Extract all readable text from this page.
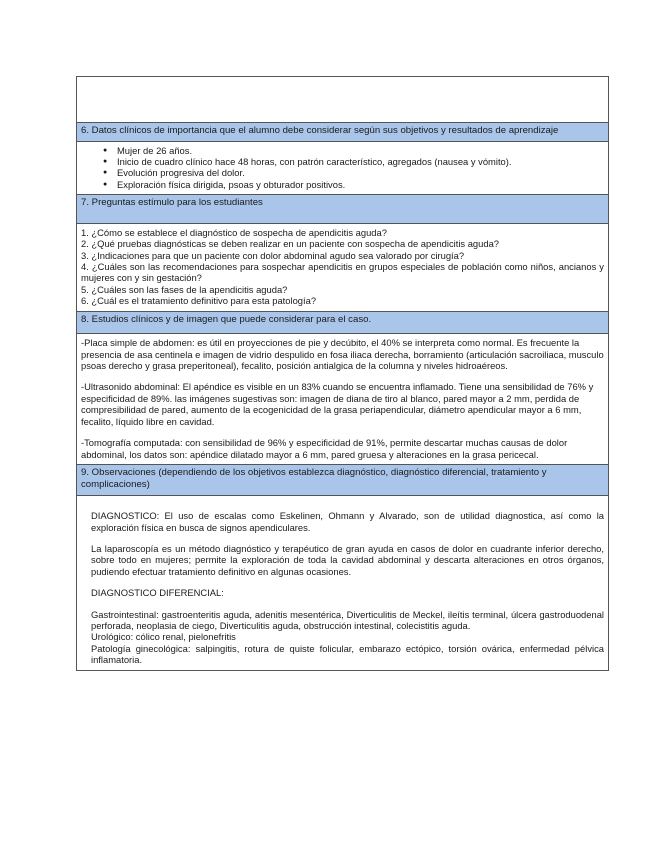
6. Datos clínicos de importancia que el alumno debe considerar según sus objetivos y resultados de aprendizaje
● Mujer de 26 años.
● Inicio de cuadro clínico hace 48 horas, con patrón característico, agregados (nausea y vómito).
● Evolución progresiva del dolor.
● Exploración física dirigida, psoas y obturador positivos.
7. Preguntas estímulo para los estudiantes

1. ¿Cómo se establece el diagnóstico de sospecha de apendicitis aguda?

2. ¿Qué pruebas diagnósticas se deben realizar en un paciente con sospecha de apendicitis aguda?

3. ¿Indicaciones para que un paciente con dolor abdominal agudo sea valorado por cirugía?

4. ¿Cuáles son las recomendaciones para sospechar apendicitis en grupos especiales de población como niños, ancianos y mujeres con y sin gestación?

5. ¿Cuáles son las fases de la apendicitis aguda?

6. ¿Cuál es el tratamiento definitivo para esta patología?

8. Estudios clínicos y de imagen que puede considerar para el caso.

-Placa simple de abdomen: es útil en proyecciones de pie y decúbito, el 40% se interpreta como normal. Es frecuente la presencia de asa centinela e imagen de vidrio despulido en fosa iliaca derecha, borramiento (articulación sacroiliaca, musculo psoas derecho y grasa preperitoneal), fecalito, posición antialgica de la columna y niveles hidroaéreos.

-Ultrasonido abdominal: El apéndice es visible en un 83% cuando se encuentra inflamado. Tiene una sensibilidad de 76% y especificidad de 89%. las imágenes sugestivas son: imagen de diana de tiro al blanco, pared mayor a 2 mm, perdida de compresibilidad de pared, aumento de la ecogenicidad de la grasa periapendicular, diámetro apendicular mayor a 6 mm, fecalito, líquido libre en cavidad.

-Tomografía computada: con sensibilidad de 96% y especificidad de 91%, permite descartar muchas causas de dolor abdominal, los datos son: apéndice dilatado mayor a 6 mm, pared gruesa y alteraciones en la grasa pericecal.

9. Observaciones (dependiendo de los objetivos establezca diagnóstico, diagnóstico diferencial, tratamiento y complicaciones)

DIAGNOSTICO: El uso de escalas como Eskelinen, Ohmann y Alvarado, son de utilidad diagnostica, así como la exploración física en busca de signos apendiculares.

La laparoscopía es un método diagnóstico y terapéutico de gran ayuda en casos de dolor en cuadrante inferior derecho, sobre todo en mujeres; permite la exploración de toda la cavidad abdominal y descarta alteraciones en otros órganos, pudiendo efectuar tratamiento definitivo en algunas ocasiones.

DIAGNOSTICO DIFERENCIAL:

Gastrointestinal: gastroenteritis aguda, adenitis mesentérica, Diverticulitis de Meckel, ileítis terminal, úlcera gastroduodenal perforada, neoplasia de ciego, Diverticulitis aguda, obstrucción intestinal, colecistitis aguda.

Urológico: cólico renal, pielonefritis

Patología ginecológica: salpingitis, rotura de quiste folicular, embarazo ectópico, torsión ovárica, enfermedad pélvica inflamatoria.
